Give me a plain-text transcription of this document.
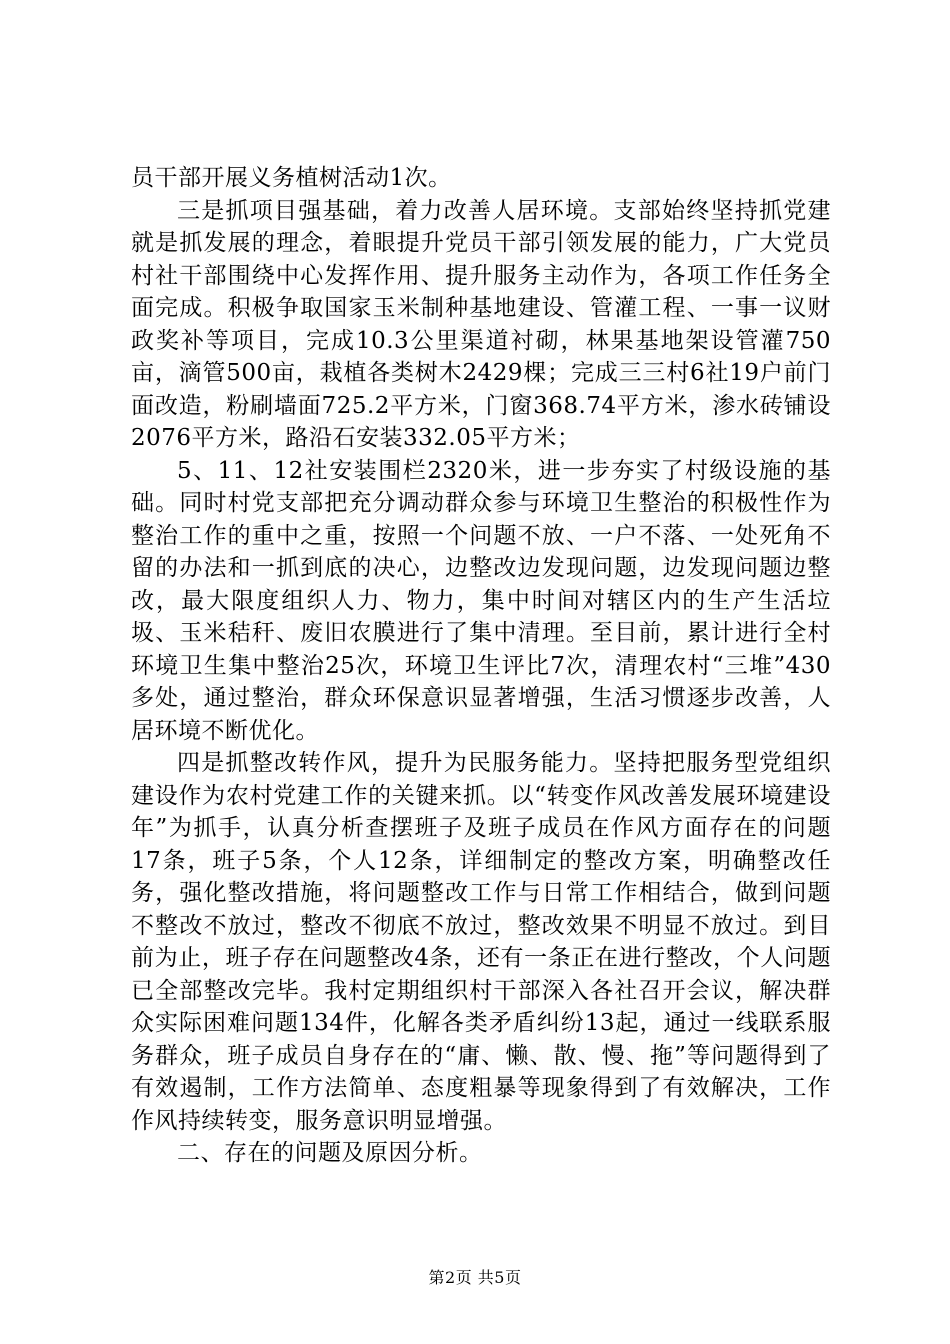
员干部开展义务植树活动1次。

三是抓项目强基础，着力改善人居环境。支部始终坚持抓党建就是抓发展的理念，着眼提升党员干部引领发展的能力，广大党员村社干部围绕中心发挥作用、提升服务主动作为，各项工作任务全面完成。积极争取国家玉米制种基地建设、管灌工程、一事一议财政奖补等项目，完成10.3公里渠道衬砌，林果基地架设管灌750亩，滴管500亩，栽植各类树木2429棵；完成三三村6社19户前门面改造，粉刷墙面725.2平方米，门窗368.74平方米，渗水砖铺设2076平方米，路沿石安装332.05平方米；

5、11、12社安装围栏2320米，进一步夯实了村级设施的基础。同时村党支部把充分调动群众参与环境卫生整治的积极性作为整治工作的重中之重，按照一个问题不放、一户不落、一处死角不留的办法和一抓到底的决心，边整改边发现问题，边发现问题边整改，最大限度组织人力、物力，集中时间对辖区内的生产生活垃圾、玉米秸秆、废旧农膜进行了集中清理。至目前，累计进行全村环境卫生集中整治25次，环境卫生评比7次，清理农村“三堆”430多处，通过整治，群众环保意识显著增强，生活习惯逐步改善，人居环境不断优化。

四是抓整改转作风，提升为民服务能力。坚持把服务型党组织建设作为农村党建工作的关键来抓。以“转变作风改善发展环境建设年”为抓手，认真分析查摆班子及班子成员在作风方面存在的问题17条，班子5条，个人12条，详细制定的整改方案，明确整改任务，强化整改措施，将问题整改工作与日常工作相结合，做到问题不整改不放过，整改不彻底不放过，整改效果不明显不放过。到目前为止，班子存在问题整改4条，还有一条正在进行整改，个人问题已全部整改完毕。我村定期组织村干部深入各社召开会议，解决群众实际困难问题134件，化解各类矛盾纠纷13起，通过一线联系服务群众，班子成员自身存在的“庸、懒、散、慢、拖”等问题得到了有效遏制，工作方法简单、态度粗暴等现象得到了有效解决，工作作风持续转变，服务意识明显增强。

二、存在的问题及原因分析。

第2页 共5页
